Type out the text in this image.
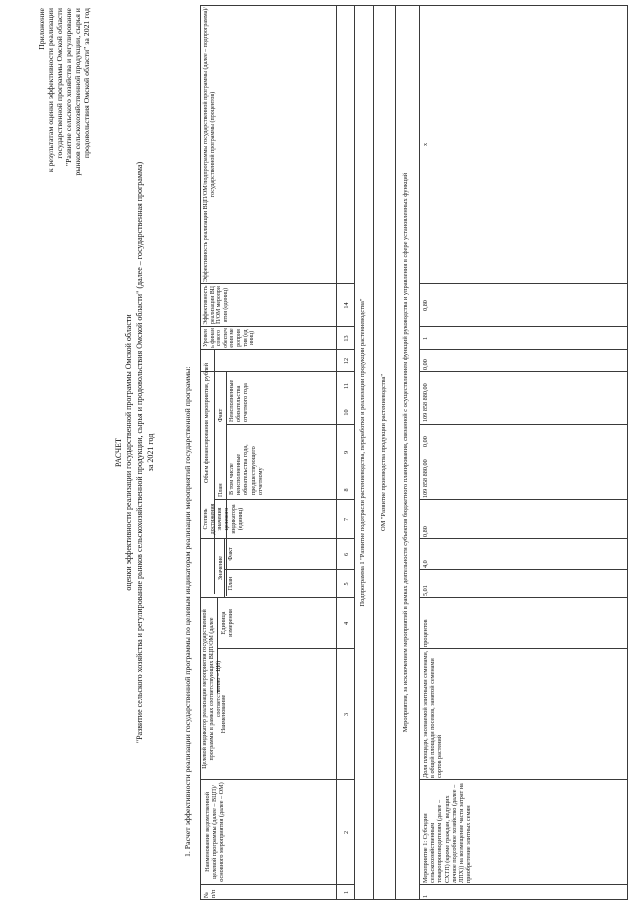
Приложение к результатам оценки эффективности реализации государственной программы Омской области "Развитие сельского хозяйства и регулирование рынков сельскохозяйственной продукции, сырья и продовольствия Омской области" за 2021 год
РАСЧЕТ оценки эффективности реализации государственной программы Омской области "Развитие сельского хозяйства и регулирование рынков сельскохозяйственной продукции, сырья и продовольствия Омской области" (далее – государственная программа) за 2021 год	1. Расчет эффективности реализации государственной программы по целевым индикаторам реализации мероприятий государственной программы:
№ п/п
Наименование ведомственной целевой программы (далее – ВЦП)/основного мероприятия (далее – ОМ)
Целевой индикатор реализации мероприятия государственной программы в рамках соответствующих ВЦП/ОМ (далее соответственно – ЦИ)
Наименование
Единица измерения
Значение
План
Факт
Степень достижения значения целевого индикатора (единиц)
Объем финансирования мероприятия, рублей
План В том числе неисполненные обязательства года, предшествующего отчетному
Факт Неисполненные обязательства отчетного года
Уровень финансового обеспечения мероприятия (единиц)
Эффективность реализации ВЦП/ОМ мероприятия (единиц)
Эффективность реализации ВЦП/ОМ/подпрограммы государственной программы (далее – подпрограмма)/государственной программы (процентов)
1
2
3
4
5
6
7
8
9
10
11
12
13
14 Подпрограмма 1 "Развитие подотрасли растениеводства, переработки и реализации продукции растениеводства" ОМ "Развитие производства продукции растениеводства" Мероприятия, за исключением мероприятий в рамках деятельности субъектов бюджетного планирования, связанной с осуществлением функций руководства и управления в сфере установленных функций
1
Мероприятие 1: Субсидии сельскохозяйственным товаропроизводителям (далее – СХТП) (кроме граждан, ведущих личное подсобное хозяйство (далее – ЛПХ)) на возмещение части затрат на приобретение элитных семян
Доля площади, засеваемой элитными семенами, в общей площади посевов, занятой семенами сортов растений
процентов
5,01
4,0
0,80
109 858 880,00
0,00
109 858 880,00
0,00
1
0,80
х
